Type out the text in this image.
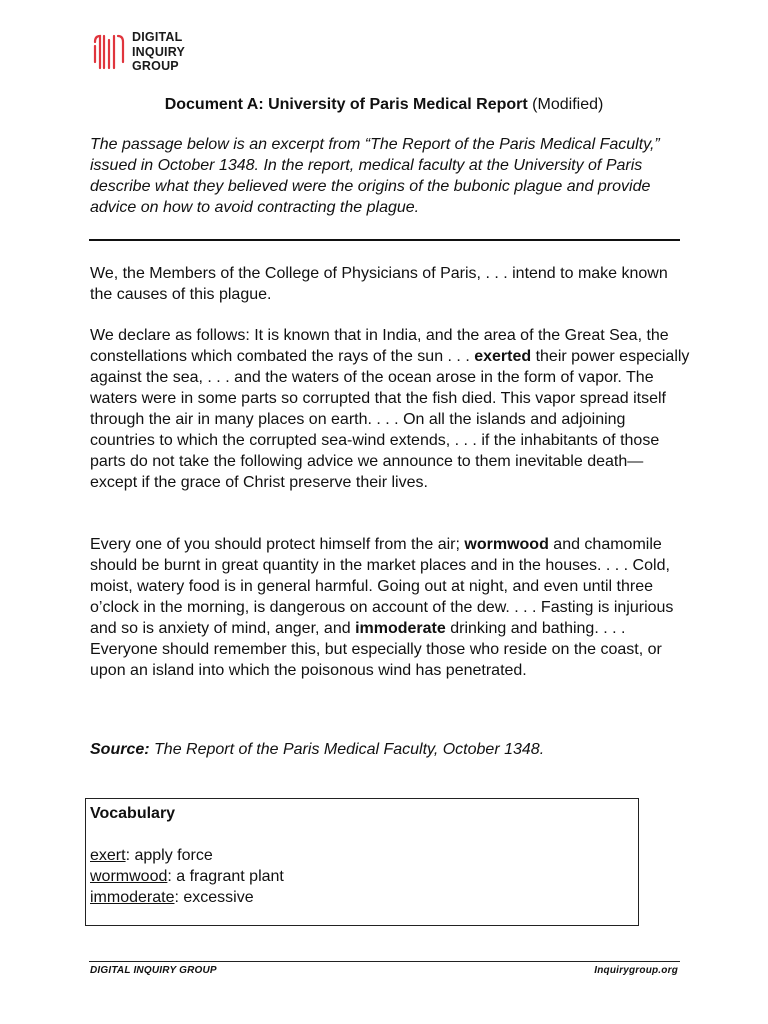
DIGITAL
INQUIRY
GROUP
Document A: University of Paris Medical Report (Modified)
The passage below is an excerpt from “The Report of the Paris Medical Faculty,” issued in October 1348. In the report, medical faculty at the University of Paris describe what they believed were the origins of the bubonic plague and provide advice on how to avoid contracting the plague.
We, the Members of the College of Physicians of Paris, . . . intend to make known the causes of this plague.
We declare as follows: It is known that in India, and the area of the Great Sea, the constellations which combated the rays of the sun . . . exerted their power especially against the sea, . . . and the waters of the ocean arose in the form of vapor. The waters were in some parts so corrupted that the fish died. This vapor spread itself through the air in many places on earth. . . . On all the islands and adjoining countries to which the corrupted sea-wind extends, . . . if the inhabitants of those parts do not take the following advice we announce to them inevitable death—except if the grace of Christ preserve their lives.
Every one of you should protect himself from the air; wormwood and chamomile should be burnt in great quantity in the market places and in the houses. . . . Cold, moist, watery food is in general harmful. Going out at night, and even until three o’clock in the morning, is dangerous on account of the dew. . . . Fasting is injurious and so is anxiety of mind, anger, and immoderate drinking and bathing. . . . Everyone should remember this, but especially those who reside on the coast, or upon an island into which the poisonous wind has penetrated.
Source: The Report of the Paris Medical Faculty, October 1348.
Vocabulary
exert: apply force
wormwood: a fragrant plant
immoderate: excessive
DIGITAL INQUIRY GROUP	Inquirygroup.org
